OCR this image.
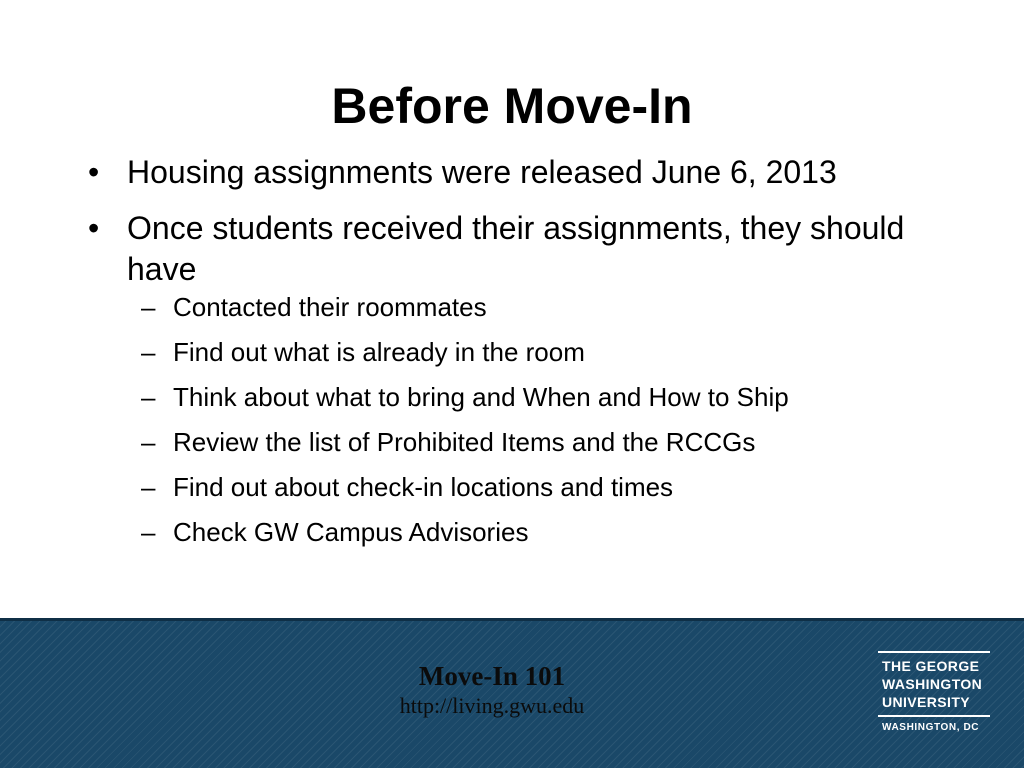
Before Move-In
• Housing assignments were released June 6, 2013
• Once students received their assignments, they should have
– Contacted their roommates
– Find out what is already in the room
– Think about what to bring and When and How to Ship
– Review the list of Prohibited Items and the RCCGs
– Find out about check-in locations and times
– Check GW Campus Advisories
Move-In 101
http://living.gwu.edu
THE GEORGE
WASHINGTON
UNIVERSITY
WASHINGTON, DC
